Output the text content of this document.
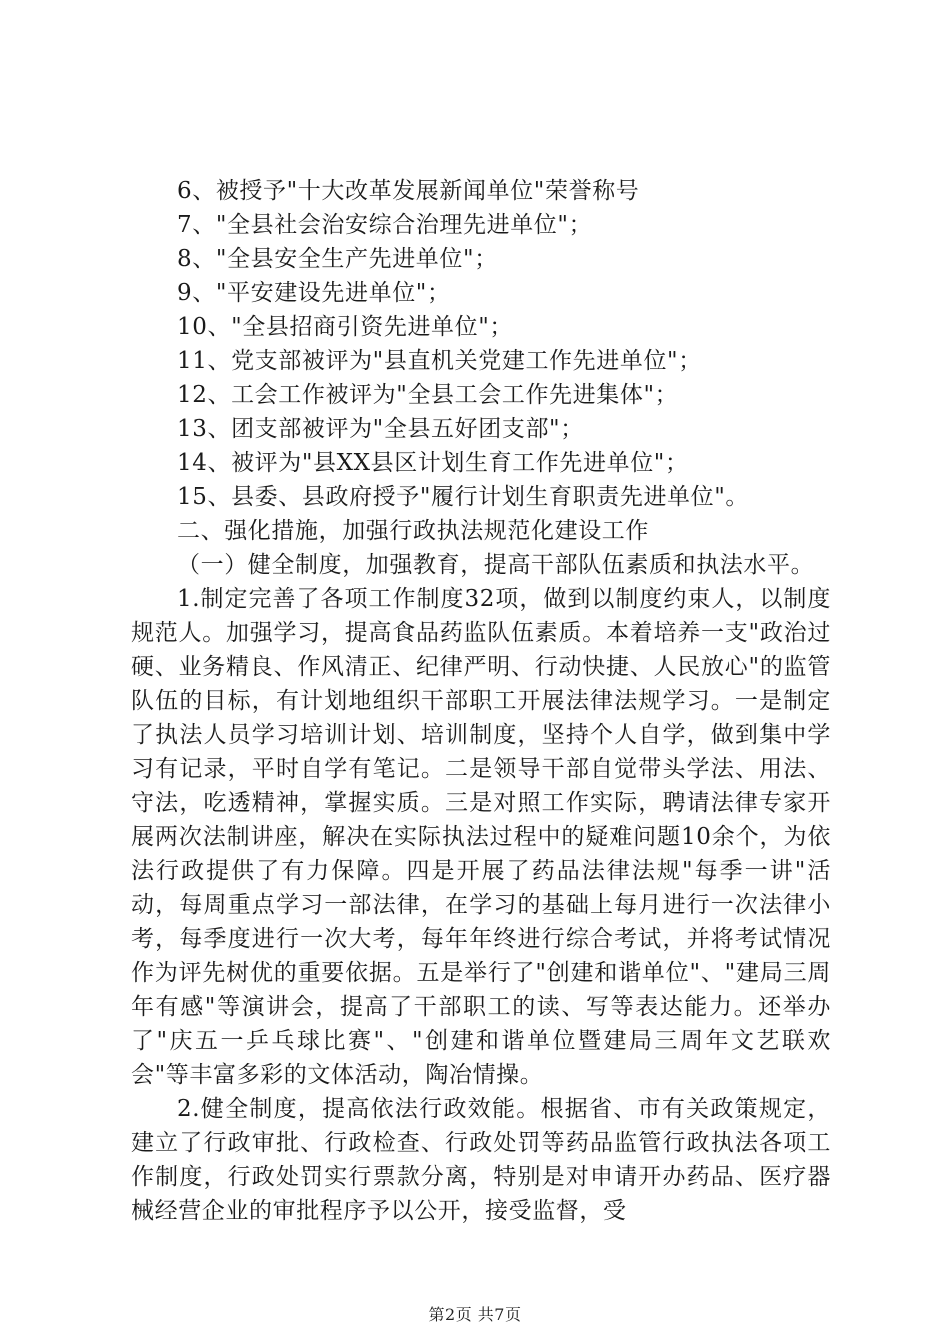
6、被授予"十大改革发展新闻单位"荣誉称号

7、"全县社会治安综合治理先进单位"；

8、"全县安全生产先进单位"；

9、"平安建设先进单位"；

10、"全县招商引资先进单位"；

11、党支部被评为"县直机关党建工作先进单位"；

12、工会工作被评为"全县工会工作先进集体"；

13、团支部被评为"全县五好团支部"；

14、被评为"县XX县区计划生育工作先进单位"；

15、县委、县政府授予"履行计划生育职责先进单位"。

二、强化措施，加强行政执法规范化建设工作

（一）健全制度，加强教育，提高干部队伍素质和执法水平。

1.制定完善了各项工作制度32项，做到以制度约束人，以制度规范人。加强学习，提高食品药监队伍素质。本着培养一支"政治过硬、业务精良、作风清正、纪律严明、行动快捷、人民放心"的监管队伍的目标，有计划地组织干部职工开展法律法规学习。一是制定了执法人员学习培训计划、培训制度，坚持个人自学，做到集中学习有记录，平时自学有笔记。二是领导干部自觉带头学法、用法、守法，吃透精神，掌握实质。三是对照工作实际，聘请法律专家开展两次法制讲座，解决在实际执法过程中的疑难问题10余个，为依法行政提供了有力保障。四是开展了药品法律法规"每季一讲"活动，每周重点学习一部法律，在学习的基础上每月进行一次法律小考，每季度进行一次大考，每年年终进行综合考试，并将考试情况作为评先树优的重要依据。五是举行了"创建和谐单位"、"建局三周年有感"等演讲会，提高了干部职工的读、写等表达能力。还举办了"庆五一乒乓球比赛"、"创建和谐单位暨建局三周年文艺联欢会"等丰富多彩的文体活动，陶冶情操。

2.健全制度，提高依法行政效能。根据省、市有关政策规定，建立了行政审批、行政检查、行政处罚等药品监管行政执法各项工作制度，行政处罚实行票款分离，特别是对申请开办药品、医疗器械经营企业的审批程序予以公开，接受监督，受

第2页 共7页
